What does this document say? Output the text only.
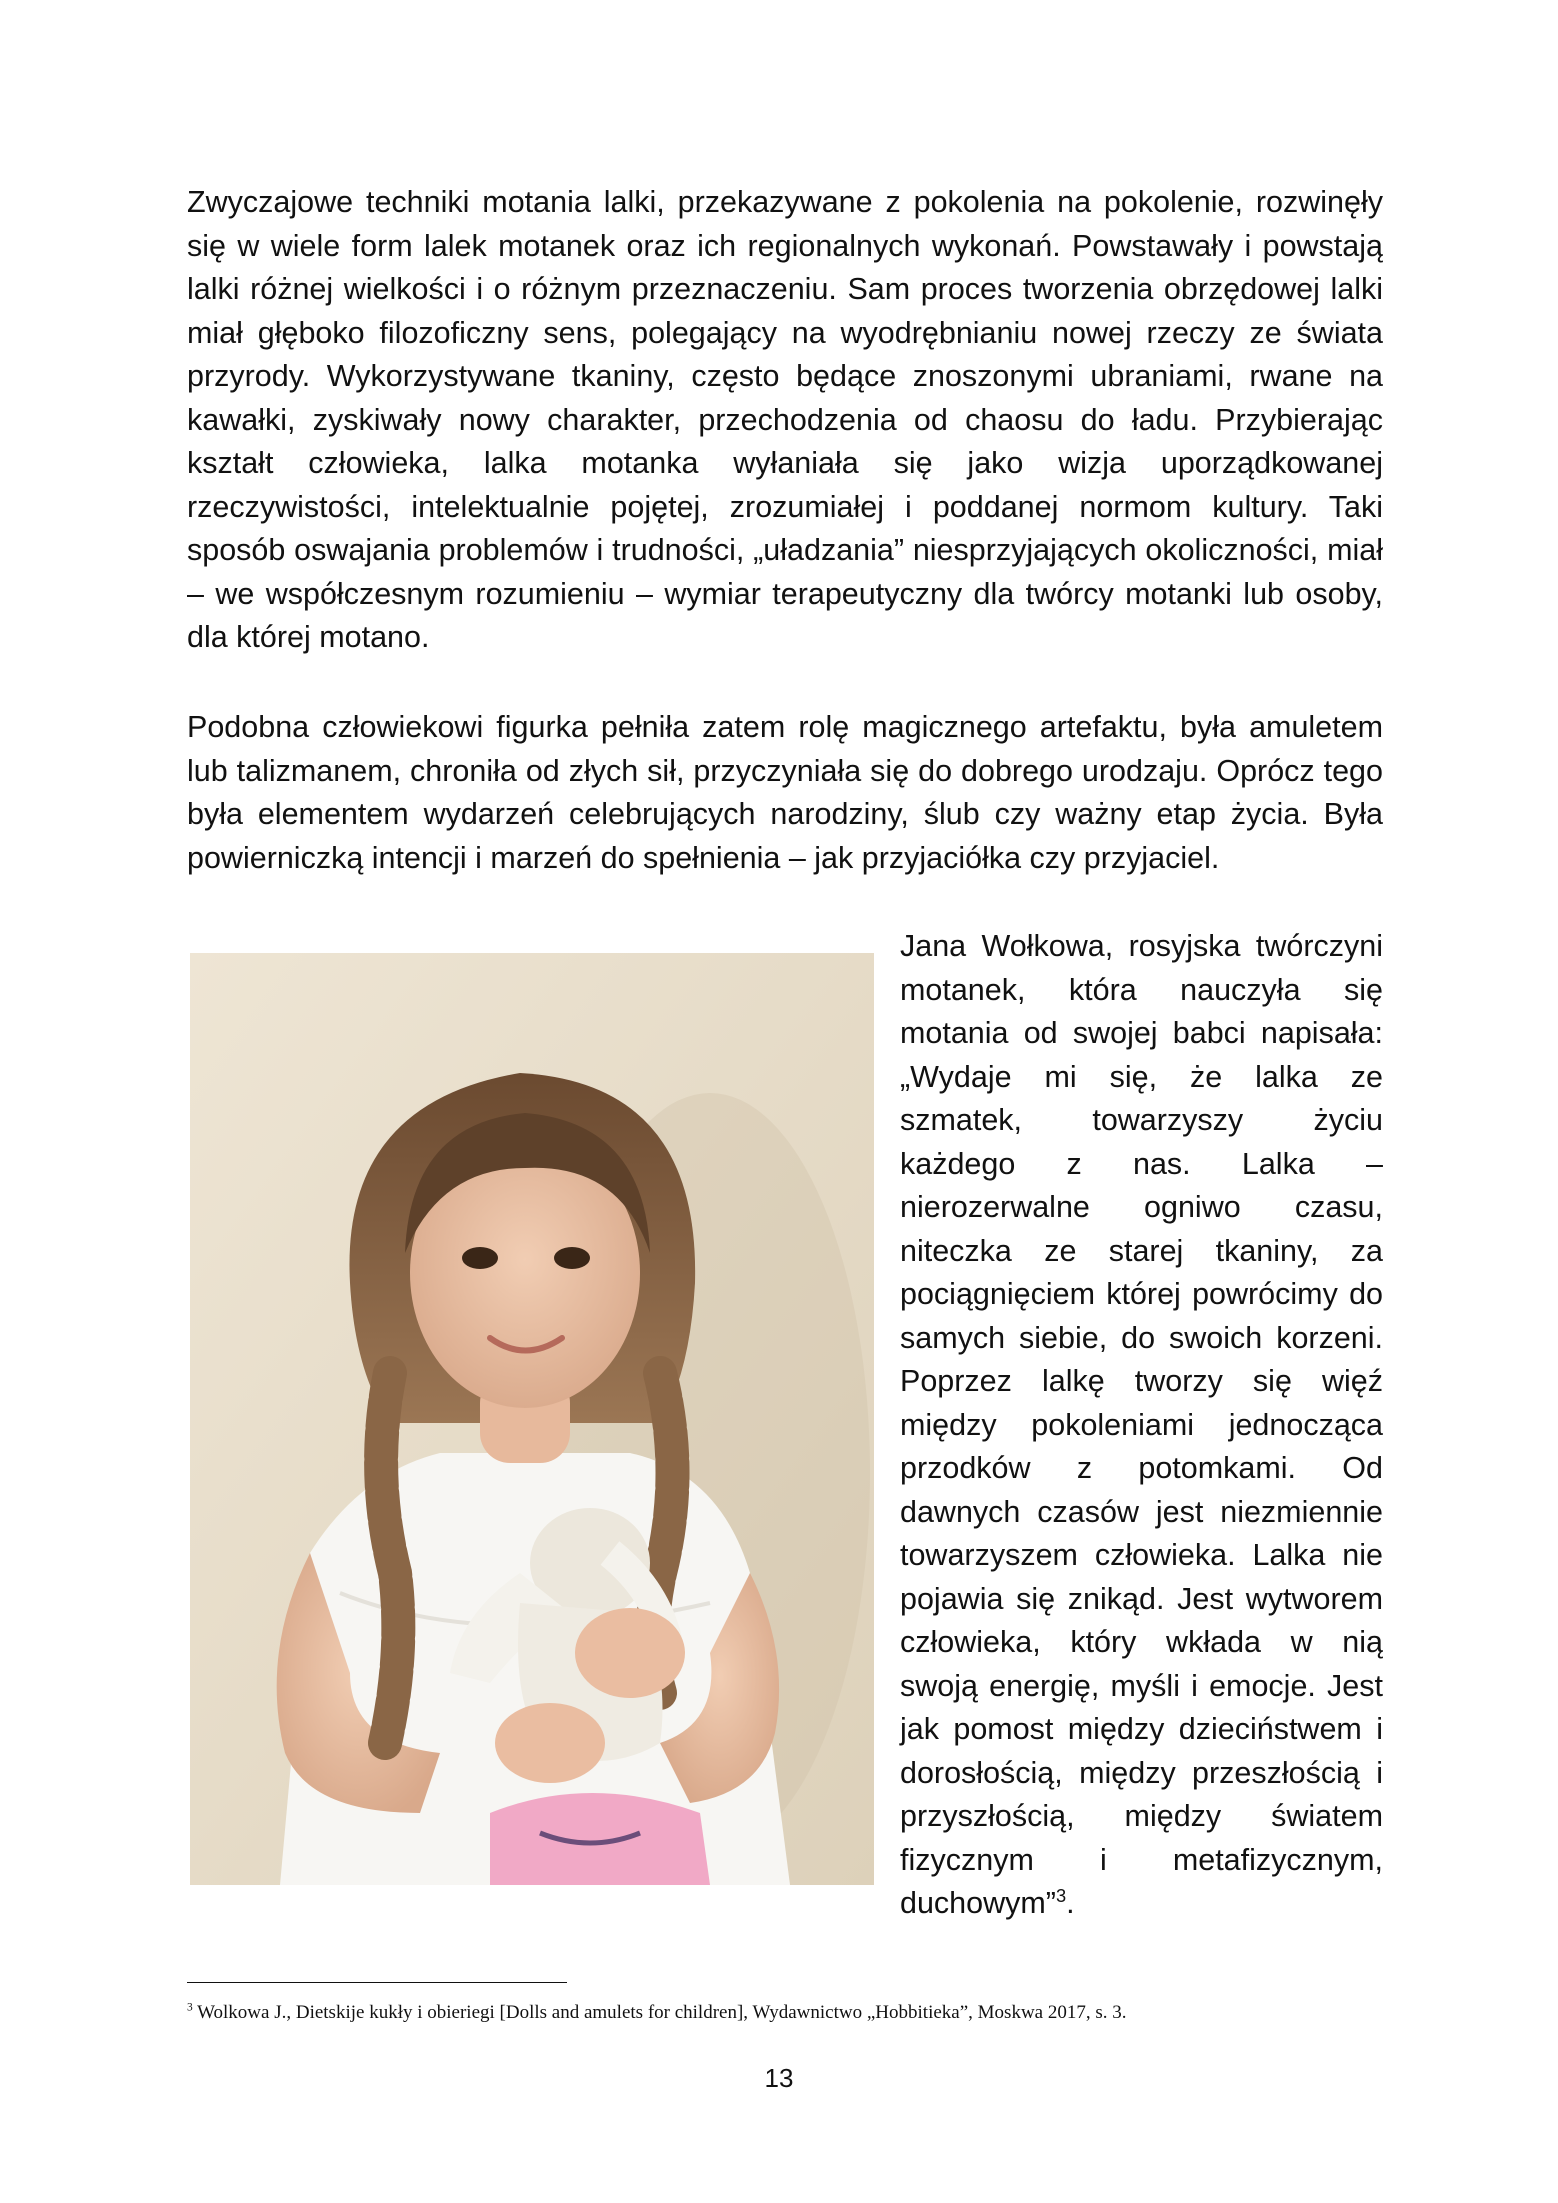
Zwyczajowe techniki motania lalki, przekazywane z pokolenia na pokolenie, rozwinęły się w wiele form lalek motanek oraz ich regionalnych wykonań. Powstawały i powstają lalki różnej wielkości i o różnym przeznaczeniu. Sam proces tworzenia obrzędowej lalki miał głęboko filozoficzny sens, polegający na wyodrębnianiu nowej rzeczy ze świata przyrody. Wykorzystywane tkaniny, często będące znoszonymi ubraniami, rwane na kawałki, zyskiwały nowy charakter, przechodzenia od chaosu do ładu. Przybierając kształt człowieka, lalka motanka wyłaniała się jako wizja uporządkowanej rzeczywistości, intelektualnie pojętej, zrozumiałej i poddanej normom kultury. Taki sposób oswajania problemów i trudności, „uładzania” niesprzyjających okoliczności, miał – we współczesnym rozumieniu – wymiar terapeutyczny dla twórcy motanki lub osoby, dla której motano.

Podobna człowiekowi figurka pełniła zatem rolę magicznego artefaktu, była amuletem lub talizmanem, chroniła od złych sił, przyczyniała się do dobrego urodzaju. Oprócz tego była elementem wydarzeń celebrujących narodziny, ślub czy ważny etap życia. Była powierniczką intencji i marzeń do spełnienia – jak przyjaciółka czy przyjaciel.

Jana Wołkowa, rosyjska twórczyni motanek, która nauczyła się motania od swojej babci napisała: „Wydaje mi się, że lalka ze szmatek, towarzyszy życiu każdego z nas. Lalka – nierozerwalne ogniwo czasu, niteczka ze starej tkaniny, za pociągnięciem której powrócimy do samych siebie, do swoich korzeni. Poprzez lalkę tworzy się więź między pokoleniami jednocząca przodków z potomkami. Od dawnych czasów jest niezmiennie towarzyszem człowieka. Lalka nie pojawia się znikąd. Jest wytworem człowieka, który wkłada w nią swoją energię, myśli i emocje. Jest jak pomost między dzieciństwem i dorosłością, między przeszłością i przyszłością, między światem fizycznym i metafizycznym, duchowym”$^3$.

$^3$ Wolkowa J., Dietskije kukły i obieriegi [Dolls and amulets for children], Wydawnictwo „Hobbitieka”, Moskwa 2017, s. 3.

13
